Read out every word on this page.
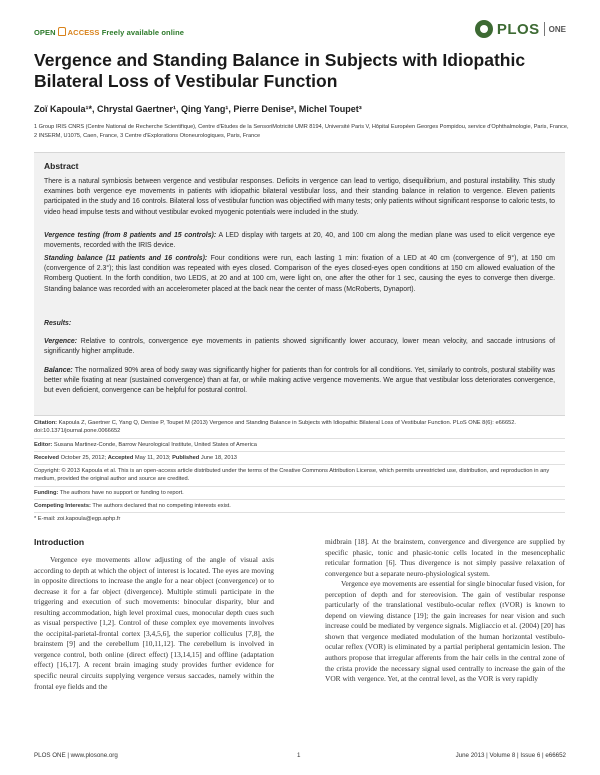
OPEN ACCESS Freely available online	PLOS ONE
Vergence and Standing Balance in Subjects with Idiopathic Bilateral Loss of Vestibular Function
Zoï Kapoula¹*, Chrystal Gaertner¹, Qing Yang¹, Pierre Denise², Michel Toupet³
1 Group IRIS CNRS (Centre National de Recherche Scientifique), Centre d'Etudes de la SensoriMotricité UMR 8194, Université Paris V, Hôpital Européen Georges Pompidou, service d'Ophthalmologie, Paris, France, 2 INSERM, U1075, Caen, France, 3 Centre d'Explorations Otoneurologiques, Paris, France
Abstract
There is a natural symbiosis between vergence and vestibular responses. Deficits in vergence can lead to vertigo, disequilibrium, and postural instability. This study examines both vergence eye movements in patients with idiopathic bilateral vestibular loss, and their standing balance in relation to vergence. Eleven patients participated in the study and 16 controls. Bilateral loss of vestibular function was objectified with many tests; only patients without significant response to caloric tests, to video head impulse tests and without vestibular evoked myogenic potentials were included in the study.
Vergence testing (from 8 patients and 15 controls): A LED display with targets at 20, 40, and 100 cm along the median plane was used to elicit vergence eye movements, recorded with the IRIS device.
Standing balance (11 patients and 16 controls): Four conditions were run, each lasting 1 min: fixation of a LED at 40 cm (convergence of 9°), at 150 cm (convergence of 2.3°); this last condition was repeated with eyes closed. Comparison of the eyes closed-eyes open conditions at 150 cm allowed evaluation of the Romberg Quotient. In the forth condition, two LEDS, at 20 and at 100 cm, were light on, one after the other for 1 sec, causing the eyes to converge then diverge. Standing balance was recorded with an accelerometer placed at the back near the center of mass (McRoberts, Dynaport).
Results:
Vergence: Relative to controls, convergence eye movements in patients showed significantly lower accuracy, lower mean velocity, and saccade intrusions of significantly higher amplitude.
Balance: The normalized 90% area of body sway was significantly higher for patients than for controls for all conditions. Yet, similarly to controls, postural stability was better while fixating at near (sustained convergence) than at far, or while making active vergence movements. We argue that vestibular loss deteriorates convergence, but even deficient, convergence can be helpful for postural control.
Citation: Kapoula Z, Gaertner C, Yang Q, Denise P, Toupet M (2013) Vergence and Standing Balance in Subjects with Idiopathic Bilateral Loss of Vestibular Function. PLoS ONE 8(6): e66652. doi:10.1371/journal.pone.0066652
Editor: Susana Martinez-Conde, Barrow Neurological Institute, United States of America
Received October 25, 2012; Accepted May 11, 2013; Published June 18, 2013
Copyright: © 2013 Kapoula et al. This is an open-access article distributed under the terms of the Creative Commons Attribution License, which permits unrestricted use, distribution, and reproduction in any medium, provided the original author and source are credited.
Funding: The authors have no support or funding to report.
Competing Interests: The authors declared that no competing interests exist.
* E-mail: zoi.kapoula@egp.aphp.fr
Introduction
Vergence eye movements allow adjusting of the angle of visual axis according to depth at which the object of interest is located. The eyes are moving in opposite directions to increase the angle for a near object (convergence) or to decrease it for a far object (divergence). Multiple stimuli participate in the triggering and execution of such movements: binocular disparity, blur and resulting accommodation, high level proximal cues, monocular depth cues such as visual perspective [1,2]. Control of these complex eye movements involves the occipital-parietal-frontal cortex [3,4,5,6], the superior colliculus [7,8], the brainstem [9] and the cerebellum [10,11,12]. The cerebellum is involved in vergence control, both online (direct effect) [13,14,15] and offline (adaptation effect) [16,17]. A recent brain imaging study provides further evidence for specific neural circuits supplying vergence versus saccades, namely within the frontal eye fields and the
midbrain [18]. At the brainstem, convergence and divergence are supplied by specific phasic, tonic and phasic-tonic cells located in the mesencephalic reticular formation [6]. Thus divergence is not simply passive relaxation of convergence but a separate neuro-physiological system.
Vergence eye movements are essential for single binocular fused vision, for perception of depth and for stereovision. The gain of vestibular response particularly of the translational vestibulo-ocular reflex (tVOR) is known to depend on viewing distance [19]; the gain increases for near vision and such increase could be mediated by vergence signals. Migliaccio et al. (2004) [20] has shown that vergence mediated modulation of the human horizontal vestibulo-ocular reflex (VOR) is eliminated by a partial peripheral gentamicin lesion. The authors propose that irregular afferents from the hair cells in the central zone of the crista provide the necessary signal used centrally to increase the gain of the VOR with vergence. Yet, at the central level, as the VOR is very rapidly
PLOS ONE | www.plosone.org	1	June 2013 | Volume 8 | Issue 6 | e66652
